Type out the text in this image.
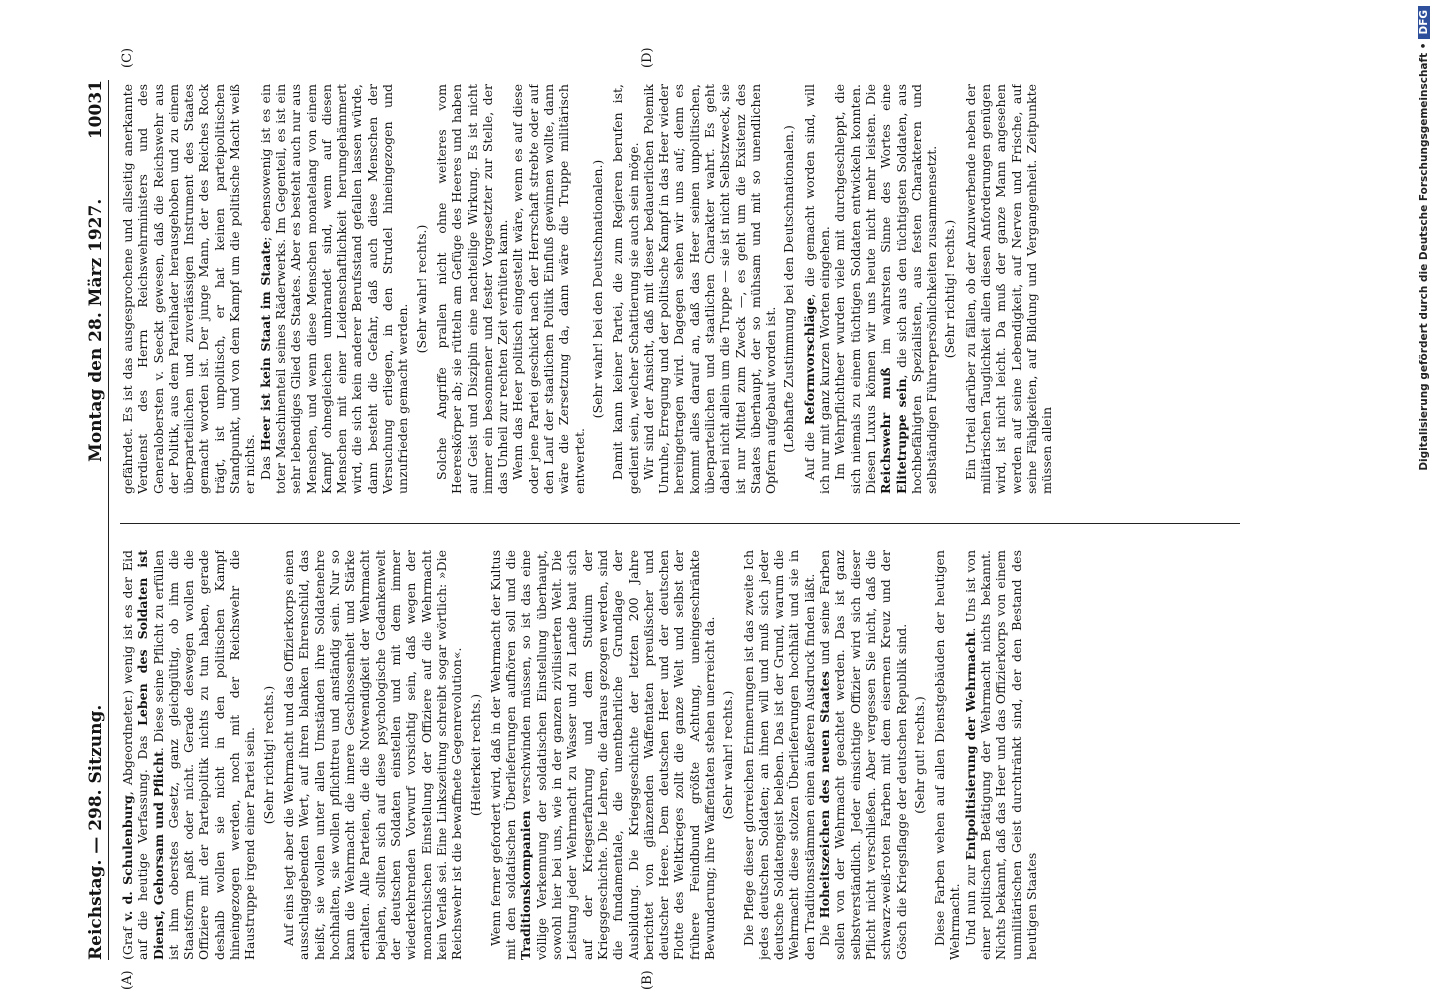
Reichstag. — 298. Sitzung.
Montag den 28. März 1927.
10031
(A)	(B)
(C)	(D)

(Graf v. d. Schulenburg, Abgeordneter.) wenig ist es der Eid auf die heutige Verfassung. Das Leben des Soldaten ist Dienst, Gehorsam und Pflicht. Diese seine Pflicht zu erfüllen ist ihm oberstes Gesetz, ganz gleichgültig, ob ihm die Staatsform paßt oder nicht. Gerade deswegen wollen die Offiziere mit der Parteipolitik nichts zu tun haben, gerade deshalb wollen sie nicht in den politischen Kampf hineingezogen werden, noch mit der Reichswehr die Haustruppe irgend einer Partei sein. (Sehr richtig! rechts.) Auf eins legt aber die Wehrmacht und das Offizierkorps einen ausschlaggebenden Wert, auf ihren blanken Ehrenschild, das heißt, sie wollen unter allen Umständen ihre Soldatenehre hochhalten, sie wollen pflichttreu und anständig sein. Nur so kann die Wehrmacht die innere Geschlossenheit und Stärke erhalten. Alle Parteien, die die Notwendigkeit der Wehrmacht bejahen, sollten sich auf diese psychologische Gedankenwelt der deutschen Soldaten einstellen und mit dem immer wiederkehrenden Vorwurf vorsichtig sein, daß wegen der monarchischen Einstellung der Offiziere auf die Wehrmacht kein Verlaß sei. Eine Linkszeitung schreibt sogar wörtlich: »Die Reichswehr ist die bewaffnete Gegenrevolution«. (Heiterkeit rechts.) Wenn ferner gefordert wird, daß in der Wehrmacht der Kultus mit den soldatischen Überlieferungen aufhören soll und die Traditionskompanien verschwinden müssen, so ist das eine völlige Verkennung der soldatischen Einstellung überhaupt, sowohl hier bei uns, wie in der ganzen zivilisierten Welt. Die Leistung jeder Wehrmacht zu Wasser und zu Lande baut sich auf der Kriegserfahrung und dem Studium der Kriegsgeschichte. Die Lehren, die daraus gezogen werden, sind die fundamentale, die unentbehrliche Grundlage der Ausbildung. Die Kriegsgeschichte der letzten 200 Jahre berichtet von glänzenden Waffentaten preußischer und deutscher Heere. Dem deutschen Heer und der deutschen Flotte des Weltkrieges zollt die ganze Welt und selbst der frühere Feindbund größte Achtung, uneingeschränkte Bewunderung; ihre Waffentaten stehen unerreicht da. (Sehr wahr! rechts.) Die Pflege dieser glorreichen Erinnerungen ist das zweite Ich jedes deutschen Soldaten; an ihnen will und muß sich jeder deutsche Soldatengeist beleben. Das ist der Grund, warum die Wehrmacht diese stolzen Überlieferungen hochhält und sie in den Traditionsstämmen einen äußeren Ausdruck finden läßt. Die Hoheitszeichen des neuen Staates und seine Farben sollen von der Wehrmacht geachtet werden. Das ist ganz selbstverständlich. Jeder einsichtige Offizier wird sich dieser Pflicht nicht verschließen. Aber vergessen Sie nicht, daß die schwarz-weiß-roten Farben mit dem eisernen Kreuz und der Gösch die Kriegsflagge der deutschen Republik sind. (Sehr gut! rechts.) Diese Farben wehen auf allen Dienstgebäuden der heutigen Wehrmacht. Und nun zur Entpolitisierung der Wehrmacht. Uns ist von einer politischen Betätigung der Wehrmacht nichts bekannt. Nichts bekannt, daß das Heer und das Offizierkorps von einem unmilitärischen Geist durchtränkt sind, der den Bestand des heutigen Staates

gefährdet. Es ist das ausgesprochene und allseitig anerkannte Verdienst des Herrn Reichswehrministers und des Generalobersten v. Seeckt gewesen, daß die Reichswehr aus der Politik, aus dem Parteihader herausgehoben und zu einem überparteilichen und zuverlässigen Instrument des Staates gemacht worden ist. Der junge Mann, der des Reiches Rock trägt, ist unpolitisch, er hat keinen parteipolitischen Standpunkt, und von dem Kampf um die politische Macht weiß er nichts. Das Heer ist kein Staat im Staate; ebensowenig ist es ein toter Maschinenteil seines Räderwerks. Im Gegenteil, es ist ein sehr lebendiges Glied des Staates. Aber es besteht auch nur aus Menschen, und wenn diese Menschen monatelang von einem Kampf ohnegleichen umbrandet sind, wenn auf diesen Menschen mit einer Leidenschaftlichkeit herumgehämmert wird, die sich kein anderer Berufsstand gefallen lassen würde, dann besteht die Gefahr, daß auch diese Menschen der Versuchung erliegen, in den Strudel hineingezogen und unzufrieden gemacht werden.

(Sehr wahr! rechts.) Solche Angriffe prallen nicht ohne weiteres vom Heereskörper ab; sie rütteln am Gefüge des Heeres und haben auf Geist und Disziplin eine nachteilige Wirkung. Es ist nicht immer ein besonnener und fester Vorgesetzter zur Stelle, der das Unheil zur rechten Zeit verhüten kann. Wenn das Heer politisch eingestellt wäre, wenn es auf diese oder jene Partei geschickt nach der Herrschaft strebte oder auf den Lauf der staatlichen Politik Einfluß gewinnen wollte, dann wäre die Zersetzung da, dann wäre die Truppe militärisch entwertet.

(Sehr wahr! bei den Deutschnationalen.) Damit kann keiner Partei, die zum Regieren berufen ist, gedient sein, welcher Schattierung sie auch sein möge. Wir sind der Ansicht, daß mit dieser bedauerlichen Polemik Unruhe, Erregung und der politische Kampf in das Heer wieder hereingetragen wird. Dagegen sehen wir uns auf; denn es kommt alles darauf an, daß das Heer seinen unpolitischen, überparteilichen und staatlichen Charakter wahrt. Es geht dabei nicht allein um die Truppe — sie ist nicht Selbstzweck, sie ist nur Mittel zum Zweck —, es geht um die Existenz des Staates überhaupt, der so mühsam und mit so unendlichen Opfern aufgebaut worden ist. (Lebhafte Zustimmung bei den Deutschnationalen.) Auf die Reformvorschläge, die gemacht worden sind, will ich nur mit ganz kurzen Worten eingehen. Im Wehrpflichtheer wurden viele mit durchgeschleppt, die sich niemals zu einem tüchtigen Soldaten entwickeln konnten. Diesen Luxus können wir uns heute nicht mehr leisten. Die Reichswehr muß im wahrsten Sinne des Wortes eine Elitetruppe sein, die sich aus den tüchtigsten Soldaten, aus hochbefähigten Spezialisten, aus festen Charakteren und selbständigen Führerpersönlichkeiten zusammensetzt. (Sehr richtig! rechts.) Ein Urteil darüber zu fällen, ob der Anzuwerbende neben der militärischen Tauglichkeit allen diesen Anforderungen genügen wird, ist nicht leicht. Da muß der ganze Mann angesehen werden auf seine Lebendigkeit, auf Nerven und Frische, auf seine Fähigkeiten, auf Bildung und Vergangenheit. Zeitpunkte müssen allein	Digitalisierung gefördert durch die Deutsche Forschungsgemeinschaft •DFG
